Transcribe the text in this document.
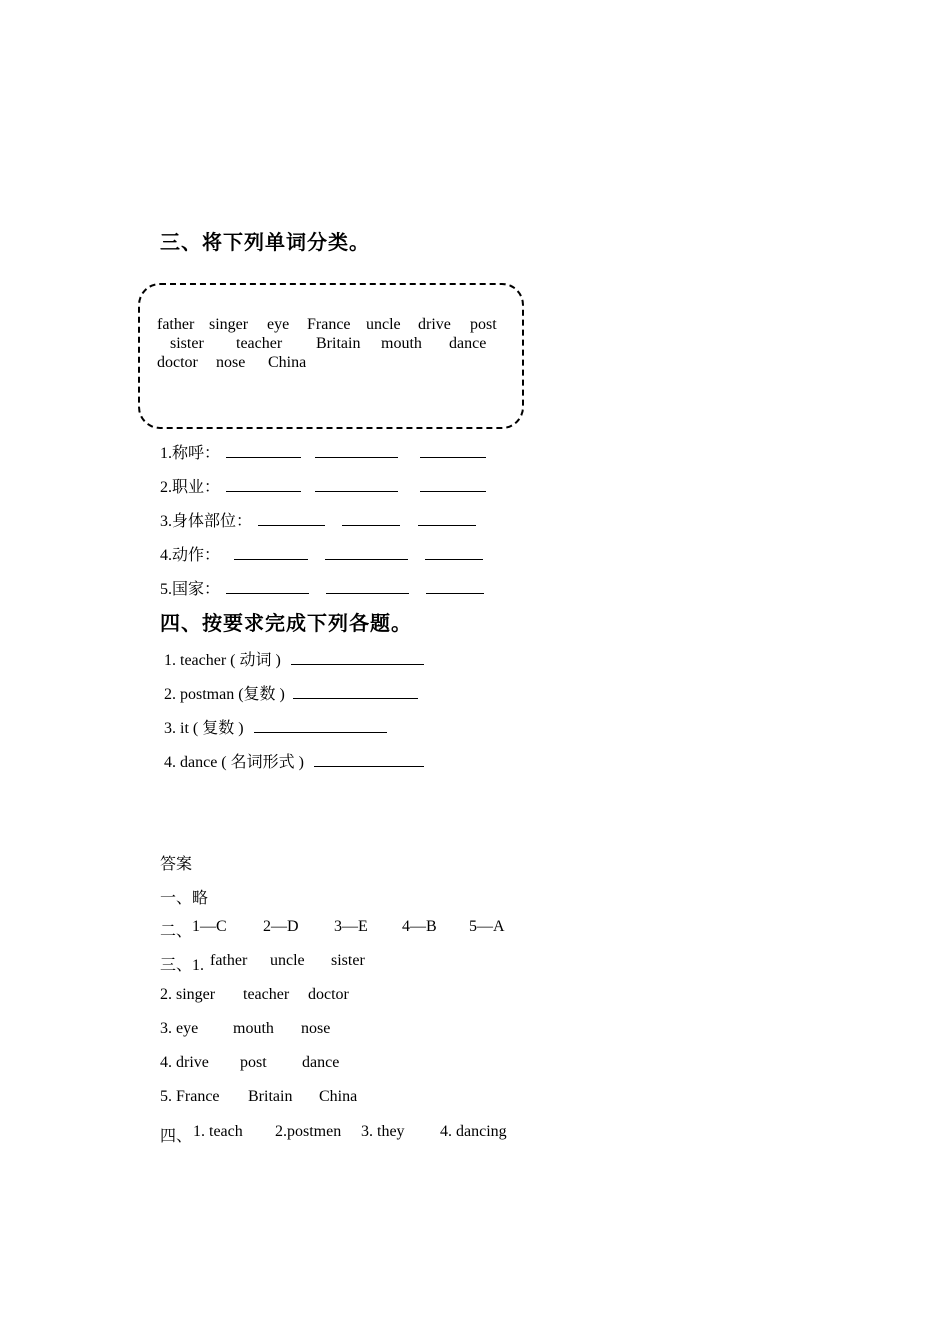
三、将下列单词分类。
father singer eye France uncle drive post
sister teacher Britain mouth dance
doctor nose China
1.称呼：
2.职业：
3.身体部位：
4.动作：
5.国家：
四、按要求完成下列各题。
1. teacher ( 动词 )
2. postman (复数 )
3. it ( 复数 )
4. dance ( 名词形式 )
答案
一、略
二、 1—C 2—D 3—E 4—B 5—A
三、1. father uncle sister
2. singer teacher doctor
3. eye mouth nose
4. drive post dance
5. France Britain China
四、 1. teach 2.postmen 3. they 4. dancing
